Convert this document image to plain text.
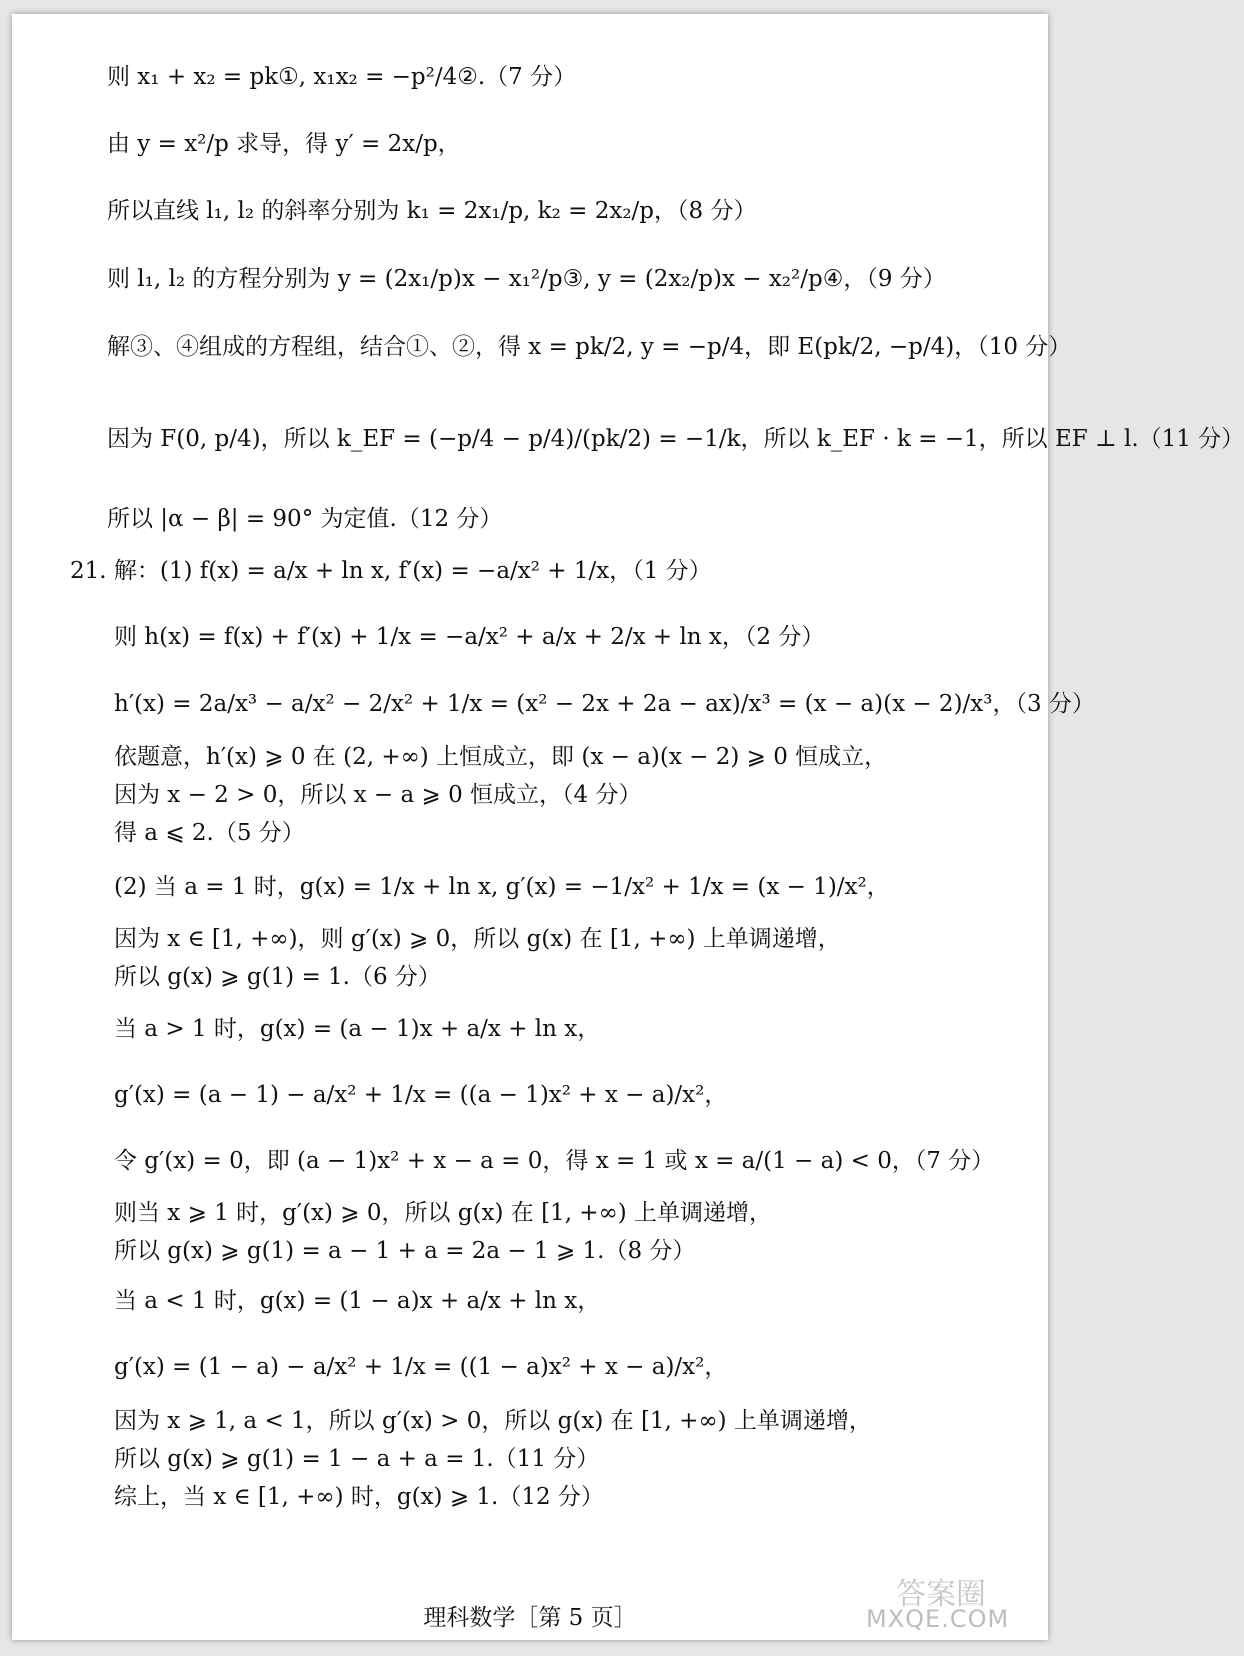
则 x₁ + x₂ = pk①, x₁x₂ = −p²/4②.（7 分）
由 y = x²/p 求导，得 y′ = 2x/p，
所以直线 l₁, l₂ 的斜率分别为 k₁ = 2x₁/p, k₂ = 2x₂/p，（8 分）
则 l₁, l₂ 的方程分别为 y = (2x₁/p)x − x₁²/p③, y = (2x₂/p)x − x₂²/p④，（9 分）
解③、④组成的方程组，结合①、②，得 x = pk/2, y = −p/4，即 E(pk/2, −p/4)，（10 分）
因为 F(0, p/4)，所以 k_EF = (−p/4 − p/4)/(pk/2) = −1/k，所以 k_EF · k = −1，所以 EF ⊥ l.（11 分）
所以 |α − β| = 90° 为定值.（12 分）
21. 解：(1) f(x) = a/x + ln x, f′(x) = −a/x² + 1/x，（1 分）
则 h(x) = f(x) + f′(x) + 1/x = −a/x² + a/x + 2/x + ln x，（2 分）
h′(x) = 2a/x³ − a/x² − 2/x² + 1/x = (x² − 2x + 2a − ax)/x³ = (x − a)(x − 2)/x³，（3 分）
依题意，h′(x) ⩾ 0 在 (2, +∞) 上恒成立，即 (x − a)(x − 2) ⩾ 0 恒成立，
因为 x − 2 > 0，所以 x − a ⩾ 0 恒成立，（4 分）
得 a ⩽ 2.（5 分）
(2) 当 a = 1 时，g(x) = 1/x + ln x, g′(x) = −1/x² + 1/x = (x − 1)/x²，
因为 x ∈ [1, +∞)，则 g′(x) ⩾ 0，所以 g(x) 在 [1, +∞) 上单调递增，
所以 g(x) ⩾ g(1) = 1.（6 分）
当 a > 1 时，g(x) = (a − 1)x + a/x + ln x，
g′(x) = (a − 1) − a/x² + 1/x = ((a − 1)x² + x − a)/x²，
令 g′(x) = 0，即 (a − 1)x² + x − a = 0，得 x = 1 或 x = a/(1 − a) < 0，（7 分）
则当 x ⩾ 1 时，g′(x) ⩾ 0，所以 g(x) 在 [1, +∞) 上单调递增，
所以 g(x) ⩾ g(1) = a − 1 + a = 2a − 1 ⩾ 1.（8 分）
当 a < 1 时，g(x) = (1 − a)x + a/x + ln x，
g′(x) = (1 − a) − a/x² + 1/x = ((1 − a)x² + x − a)/x²，
因为 x ⩾ 1, a < 1，所以 g′(x) > 0，所以 g(x) 在 [1, +∞) 上单调递增，
所以 g(x) ⩾ g(1) = 1 − a + a = 1.（11 分）
综上，当 x ∈ [1, +∞) 时，g(x) ⩾ 1.（12 分）
理科数学［第 5 页］
答案圈
MXQE.COM
